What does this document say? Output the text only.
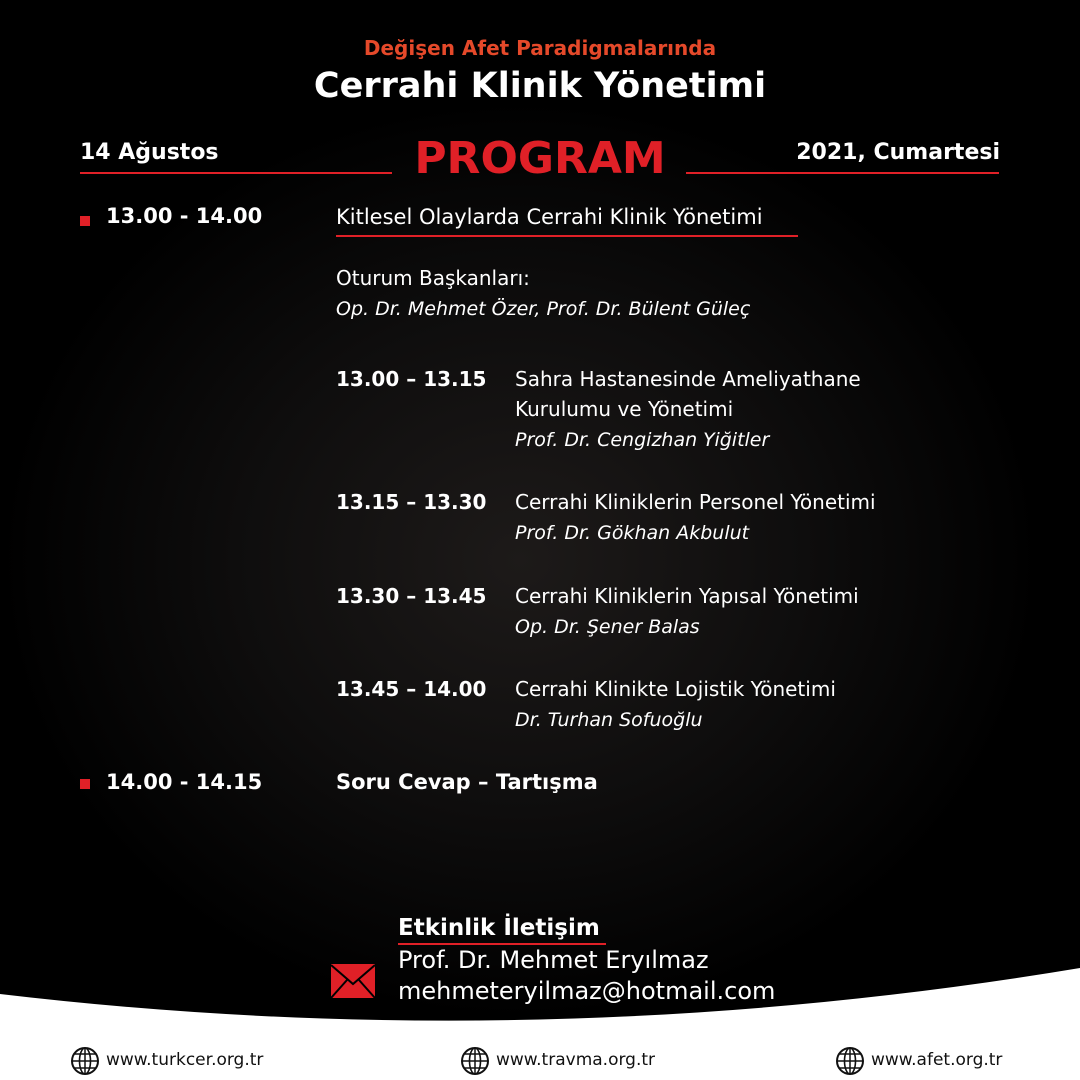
Değişen Afet Paradigmalarında
Cerrahi Klinik Yönetimi
14 Ağustos	PROGRAM	2021, Cumartesi
13.00 - 14.00	Kitlesel Olaylarda Cerrahi Klinik Yönetimi
Oturum Başkanları:
Op. Dr. Mehmet Özer, Prof. Dr. Bülent Güleç
13.00 – 13.15 Sahra Hastanesinde Ameliyathane
Kurulumu ve Yönetimi
Prof. Dr. Cengizhan Yiğitler
13.15 – 13.30 Cerrahi Kliniklerin Personel Yönetimi
Prof. Dr. Gökhan Akbulut
13.30 – 13.45 Cerrahi Kliniklerin Yapısal Yönetimi
Op. Dr. Şener Balas
13.45 – 14.00 Cerrahi Klinikte Lojistik Yönetimi
Dr. Turhan Sofuoğlu
14.00 - 14.15	Soru Cevap – Tartışma
Etkinlik İletişim
Prof. Dr. Mehmet Eryılmaz
mehmeteryilmaz@hotmail.com
www.turkcer.org.tr	www.travma.org.tr	www.afet.org.tr
